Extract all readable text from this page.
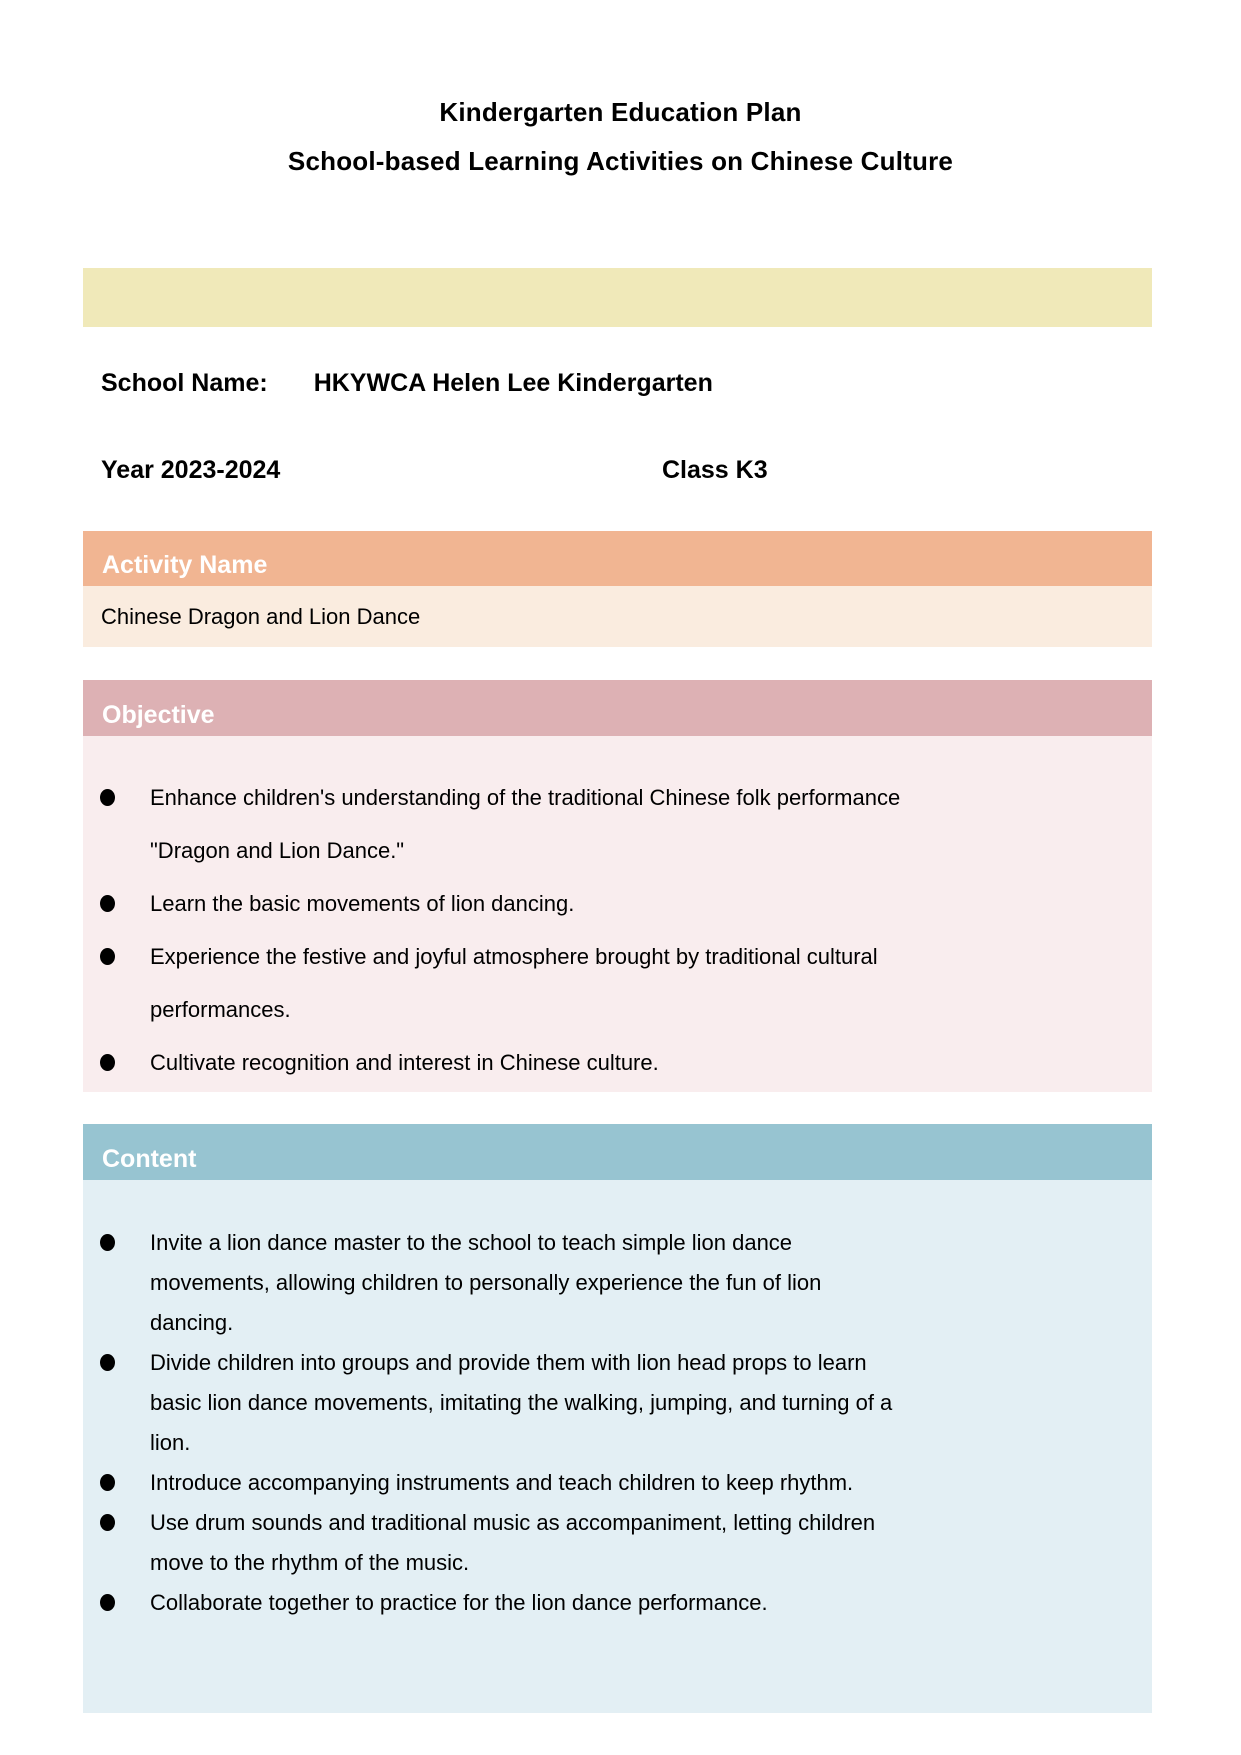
Kindergarten Education Plan
School-based Learning Activities on Chinese Culture
School Name: HKYWCA Helen Lee Kindergarten
Year 2023-2024	Class K3
Activity Name
Chinese Dragon and Lion Dance
Objective
Enhance children's understanding of the traditional Chinese folk performance
"Dragon and Lion Dance."
Learn the basic movements of lion dancing.
Experience the festive and joyful atmosphere brought by traditional cultural
performances.
Cultivate recognition and interest in Chinese culture.
Content
Invite a lion dance master to the school to teach simple lion dance
movements, allowing children to personally experience the fun of lion
dancing.
Divide children into groups and provide them with lion head props to learn
basic lion dance movements, imitating the walking, jumping, and turning of a
lion.
Introduce accompanying instruments and teach children to keep rhythm.
Use drum sounds and traditional music as accompaniment, letting children
move to the rhythm of the music.
Collaborate together to practice for the lion dance performance.
